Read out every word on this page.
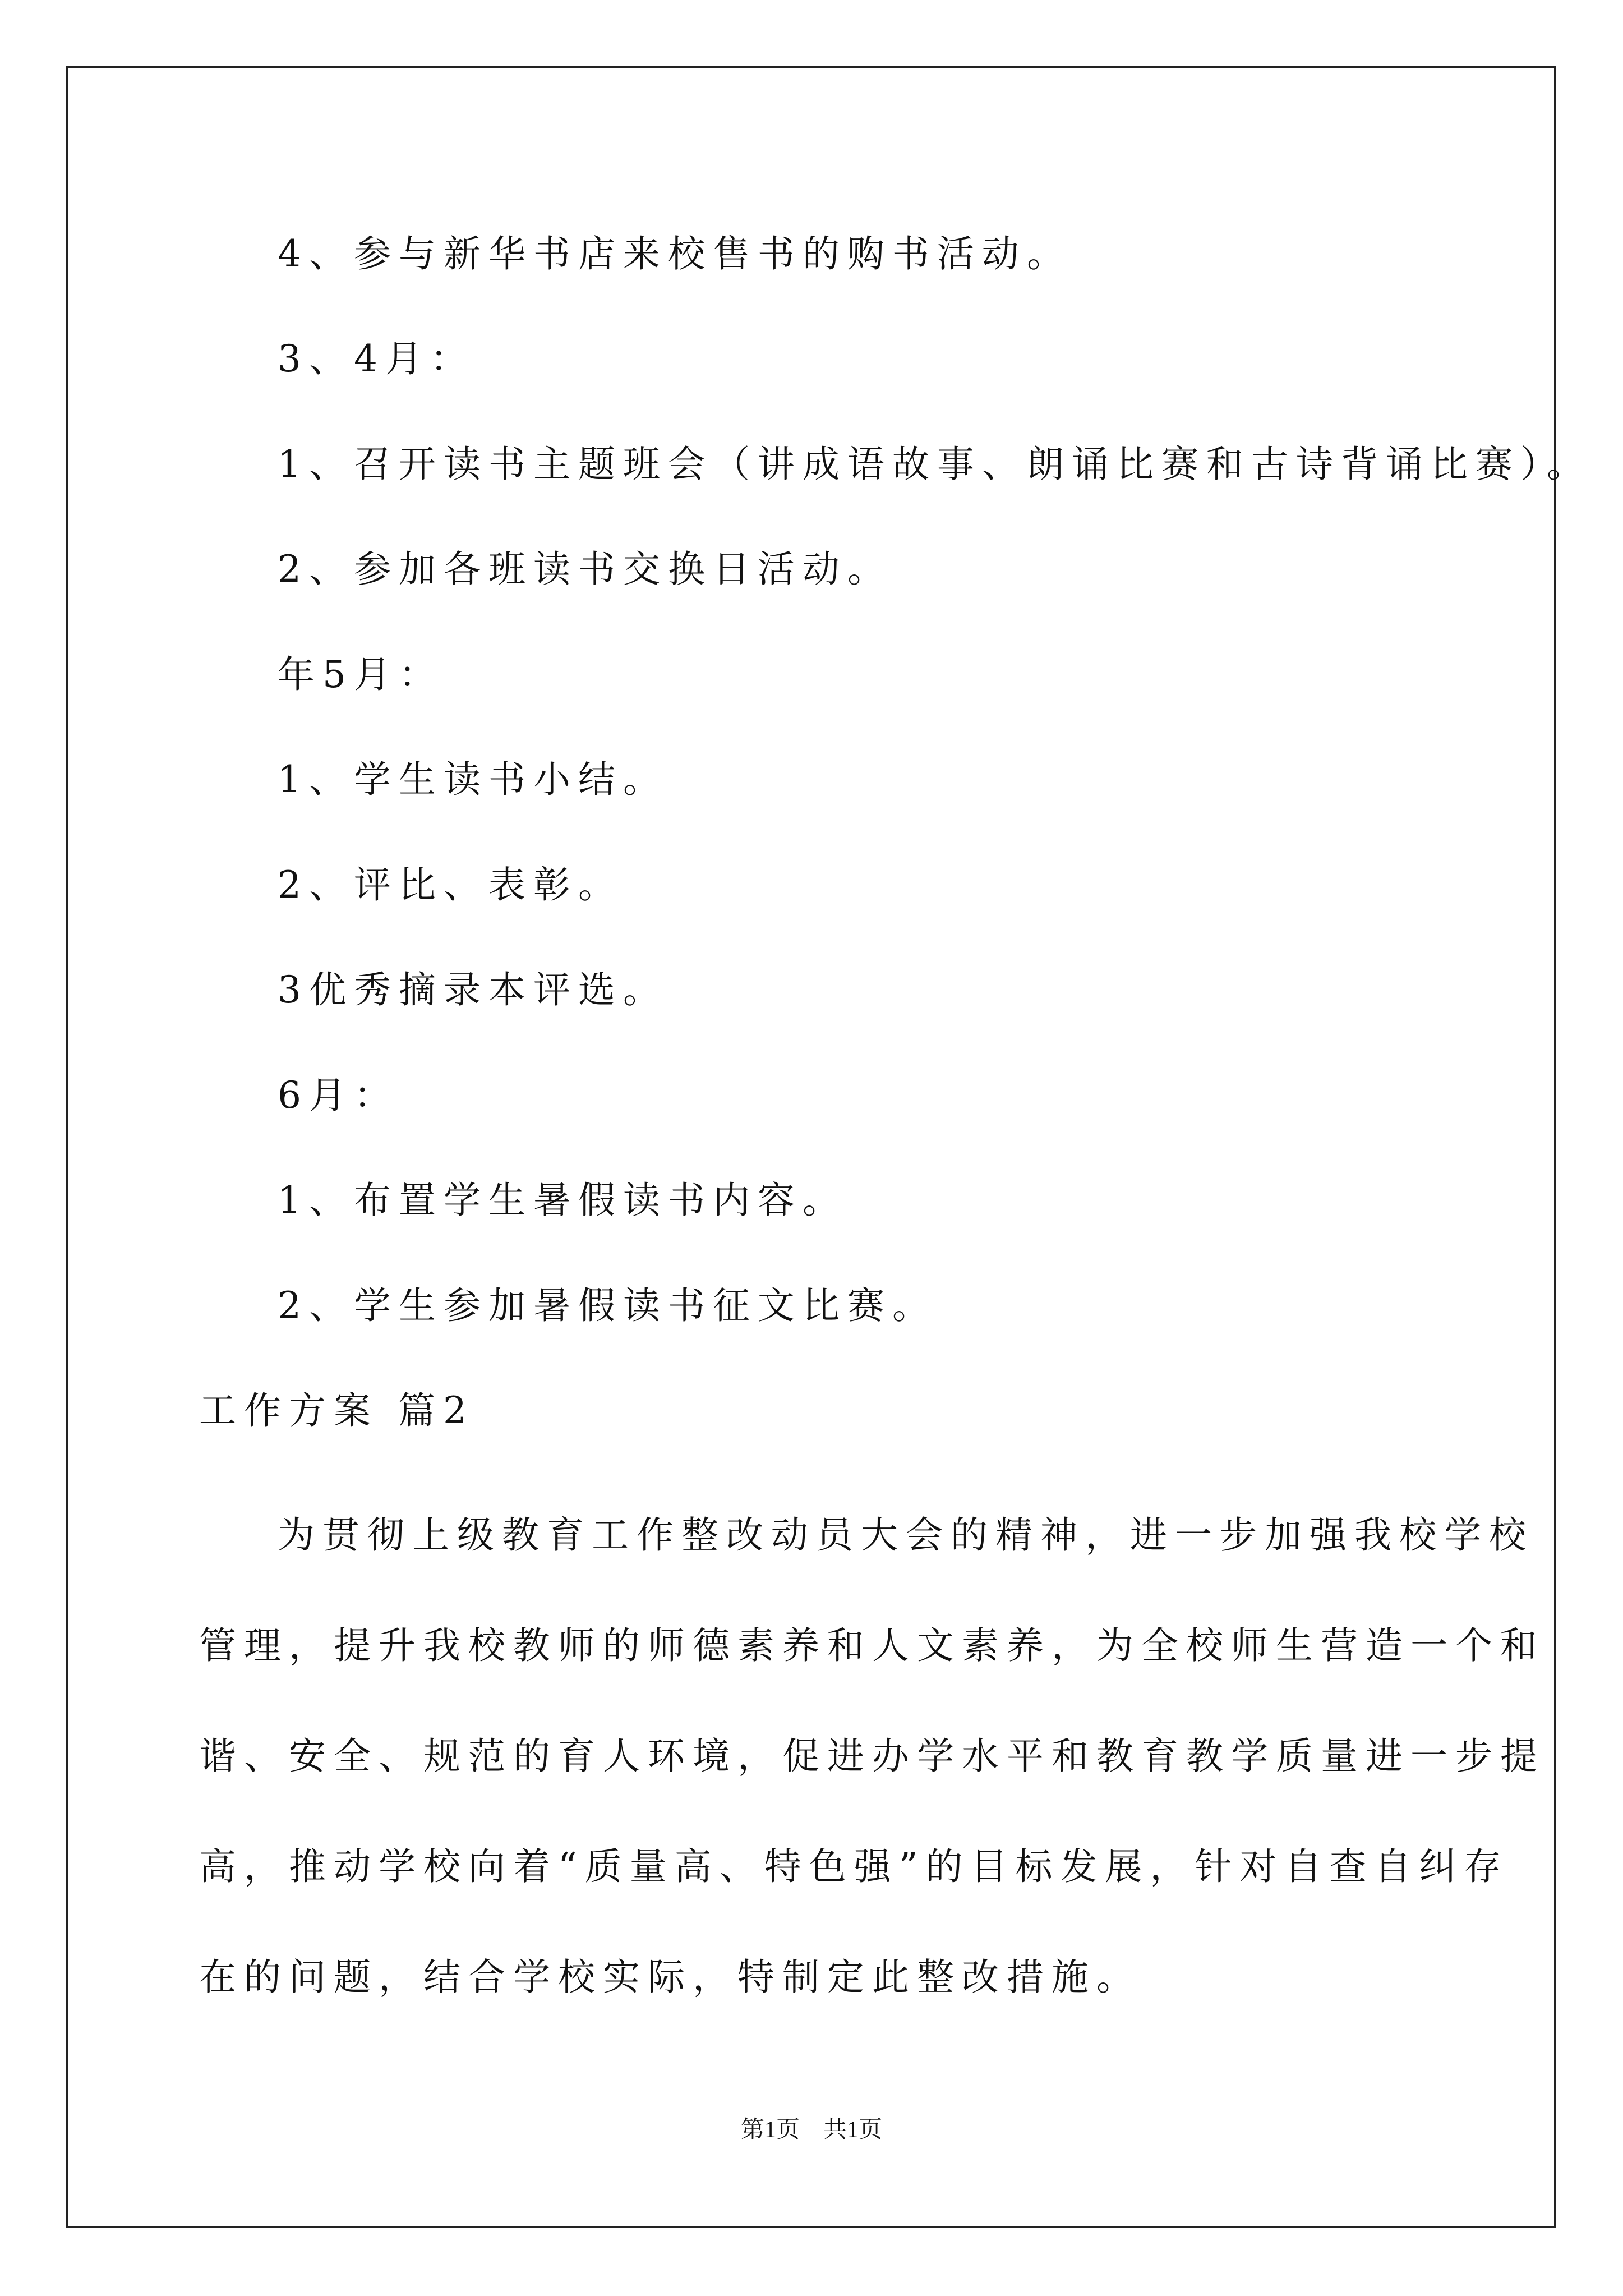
4、参与新华书店来校售书的购书活动。
3、4月：
1、召开读书主题班会（讲成语故事、朗诵比赛和古诗背诵比赛）。
2、参加各班读书交换日活动。
年5月：
1、学生读书小结。
2、评比、表彰。
3优秀摘录本评选。
6月：
1、布置学生暑假读书内容。
2、学生参加暑假读书征文比赛。
工作方案 篇2
为贯彻上级教育工作整改动员大会的精神，进一步加强我校学校
管理，提升我校教师的师德素养和人文素养，为全校师生营造一个和
谐、安全、规范的育人环境，促进办学水平和教育教学质量进一步提
高，推动学校向着“质量高、特色强”的目标发展，针对自查自纠存
在的问题，结合学校实际，特制定此整改措施。
第1页　共1页
